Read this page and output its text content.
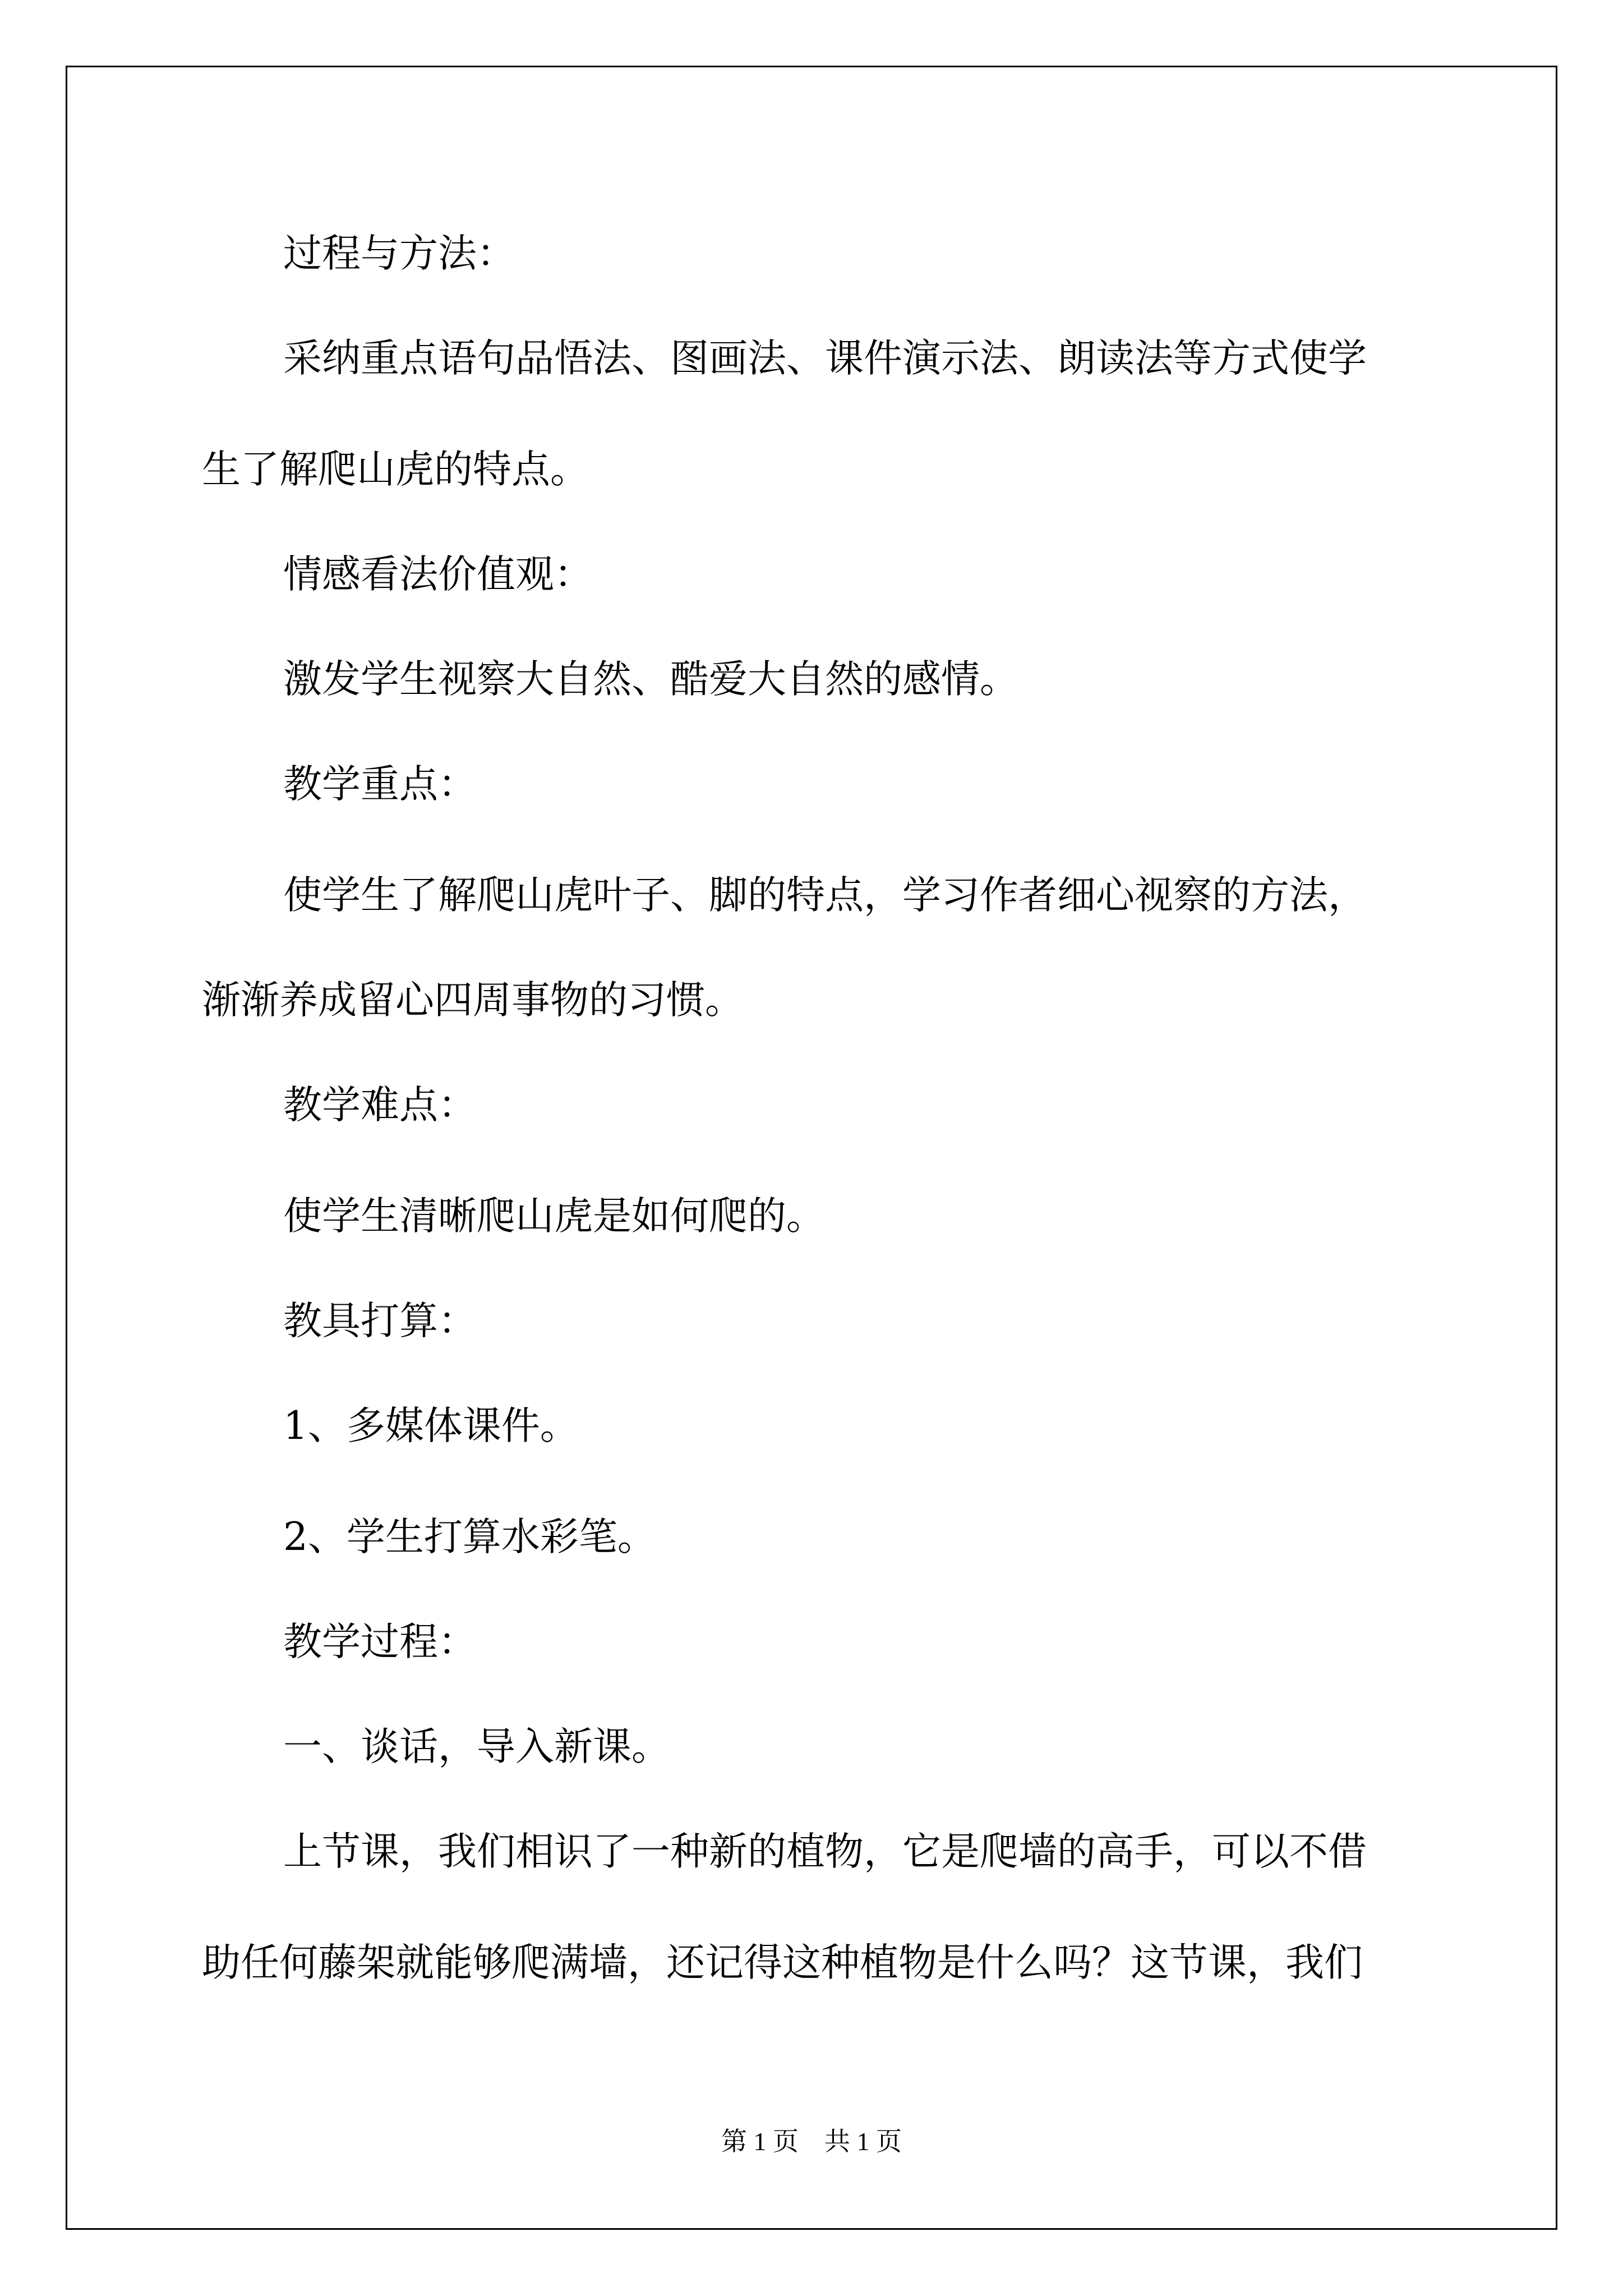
过程与方法：

采纳重点语句品悟法、图画法、课件演示法、朗读法等方式使学

生了解爬山虎的特点。

情感看法价值观：

激发学生视察大自然、酷爱大自然的感情。

教学重点：

使学生了解爬山虎叶子、脚的特点，学习作者细心视察的方法，

渐渐养成留心四周事物的习惯。

教学难点：

使学生清晰爬山虎是如何爬的。

教具打算：

1、多媒体课件。

2、学生打算水彩笔。

教学过程：

一、谈话，导入新课。

上节课，我们相识了一种新的植物，它是爬墙的高手，可以不借

助任何藤架就能够爬满墙，还记得这种植物是什么吗？这节课，我们

第 1 页 共 1 页
